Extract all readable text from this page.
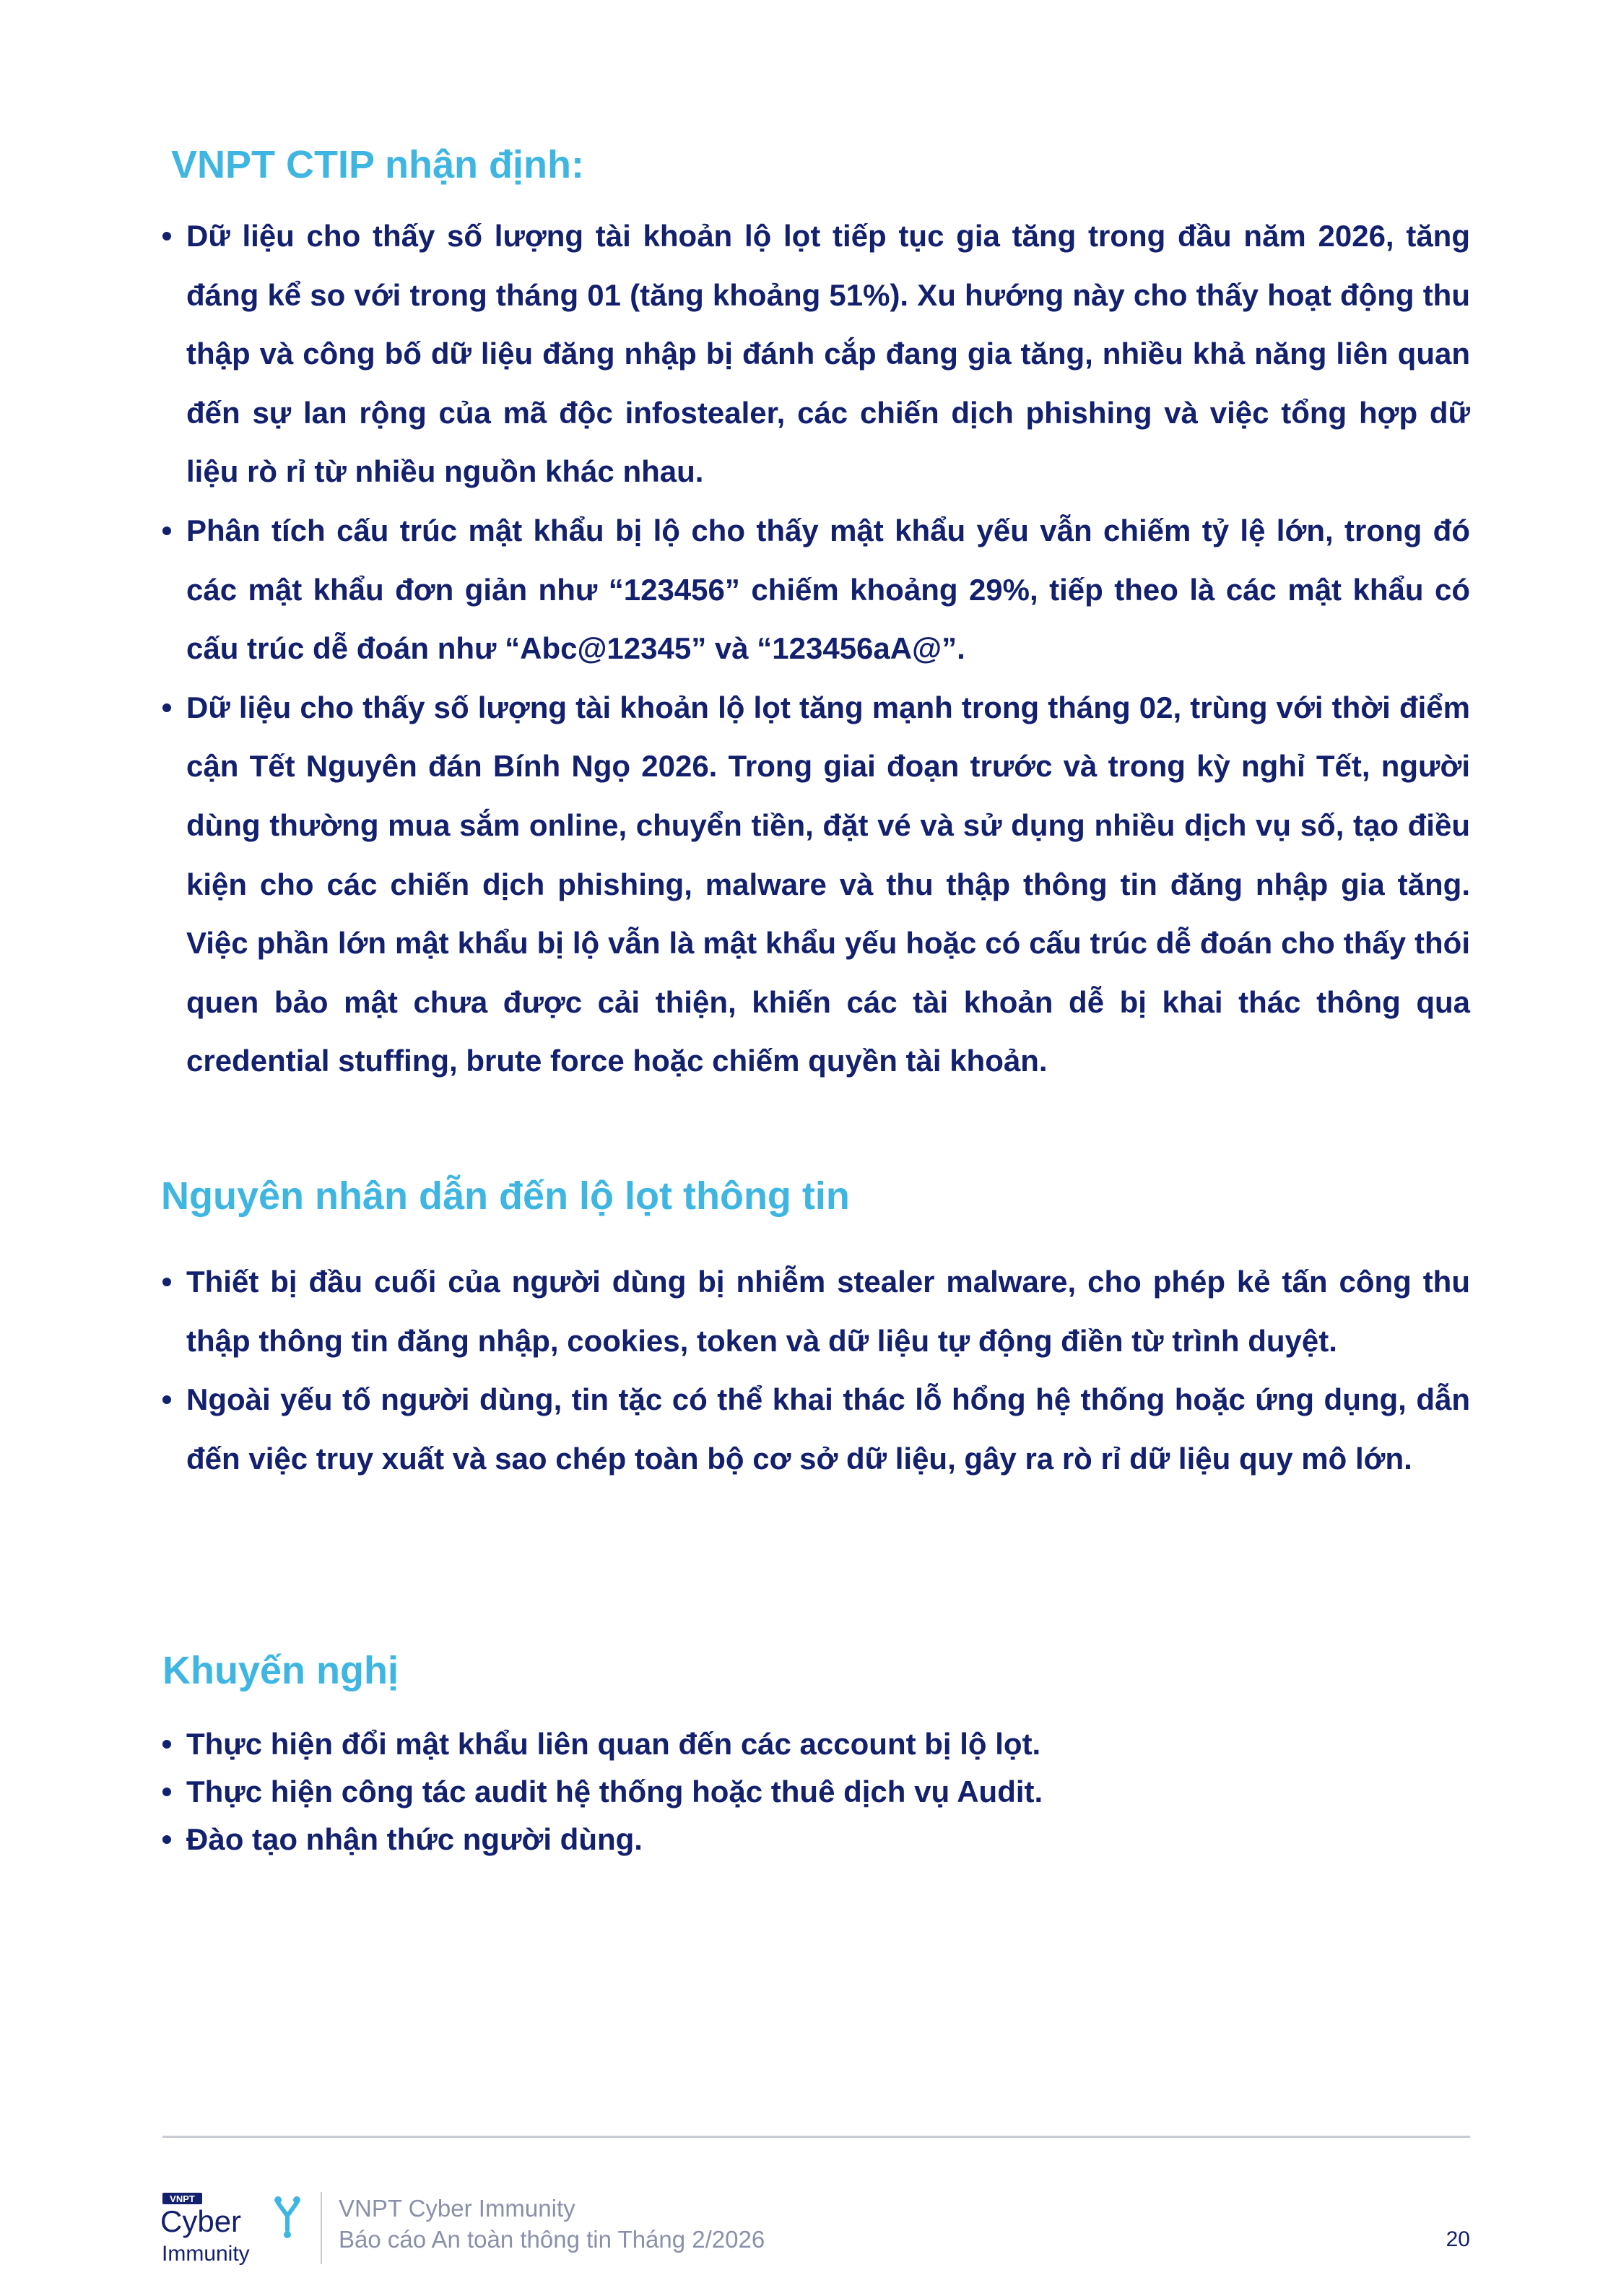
VNPT CTIP nhận định:
• Dữ liệu cho thấy số lượng tài khoản lộ lọt tiếp tục gia tăng trong đầu năm 2026, tăng đáng kể so với trong tháng 01 (tăng khoảng 51%). Xu hướng này cho thấy hoạt động thu thập và công bố dữ liệu đăng nhập bị đánh cắp đang gia tăng, nhiều khả năng liên quan đến sự lan rộng của mã độc infostealer, các chiến dịch phishing và việc tổng hợp dữ liệu rò rỉ từ nhiều nguồn khác nhau.
• Phân tích cấu trúc mật khẩu bị lộ cho thấy mật khẩu yếu vẫn chiếm tỷ lệ lớn, trong đó các mật khẩu đơn giản như “123456” chiếm khoảng 29%, tiếp theo là các mật khẩu có cấu trúc dễ đoán như “Abc@12345” và “123456aA@”.
• Dữ liệu cho thấy số lượng tài khoản lộ lọt tăng mạnh trong tháng 02, trùng với thời điểm cận Tết Nguyên đán Bính Ngọ 2026. Trong giai đoạn trước và trong kỳ nghỉ Tết, người dùng thường mua sắm online, chuyển tiền, đặt vé và sử dụng nhiều dịch vụ số, tạo điều kiện cho các chiến dịch phishing, malware và thu thập thông tin đăng nhập gia tăng. Việc phần lớn mật khẩu bị lộ vẫn là mật khẩu yếu hoặc có cấu trúc dễ đoán cho thấy thói quen bảo mật chưa được cải thiện, khiến các tài khoản dễ bị khai thác thông qua credential stuffing, brute force hoặc chiếm quyền tài khoản.
Nguyên nhân dẫn đến lộ lọt thông tin
• Thiết bị đầu cuối của người dùng bị nhiễm stealer malware, cho phép kẻ tấn công thu thập thông tin đăng nhập, cookies, token và dữ liệu tự động điền từ trình duyệt.
• Ngoài yếu tố người dùng, tin tặc có thể khai thác lỗ hổng hệ thống hoặc ứng dụng, dẫn đến việc truy xuất và sao chép toàn bộ cơ sở dữ liệu, gây ra rò rỉ dữ liệu quy mô lớn.
Khuyến nghị
• Thực hiện đổi mật khẩu liên quan đến các account bị lộ lọt.
• Thực hiện công tác audit hệ thống hoặc thuê dịch vụ Audit.
• Đào tạo nhận thức người dùng.
VNPT
Cyber
Immunity
VNPT Cyber Immunity
Báo cáo An toàn thông tin Tháng 2/2026	20
